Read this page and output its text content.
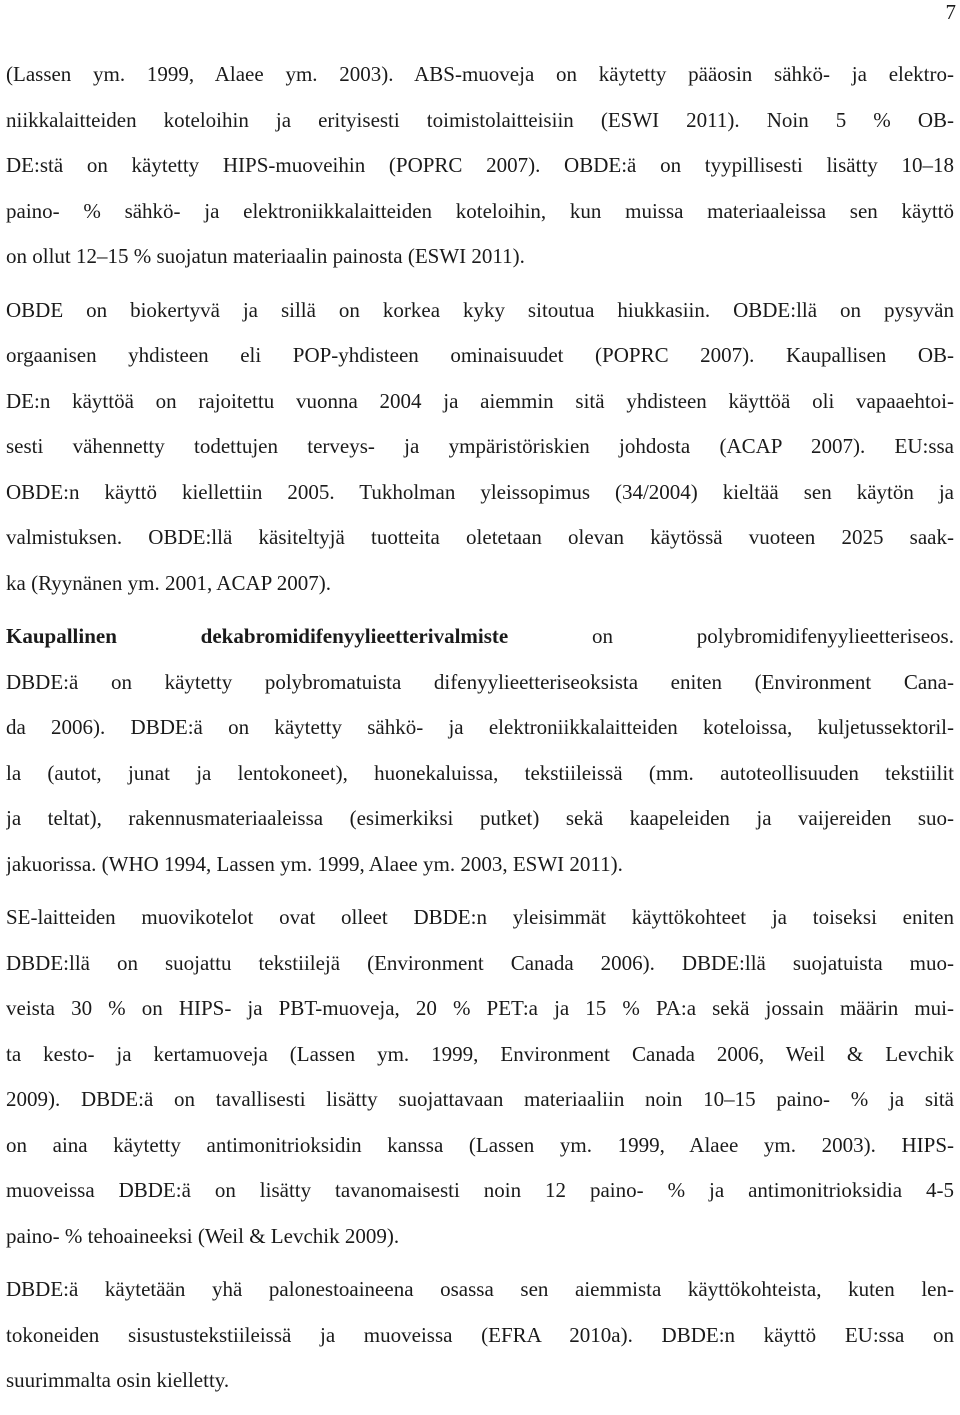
7
(Lassen ym. 1999, Alaee ym. 2003). ABS-muoveja on käytetty pääosin sähkö- ja elektro-
niikkalaitteiden koteloihin ja erityisesti toimistolaitteisiin (ESWI 2011). Noin 5 % OB-
DE:stä on käytetty HIPS-muoveihin (POPRC 2007). OBDE:ä on tyypillisesti lisätty 10–18
paino- % sähkö- ja elektroniikkalaitteiden koteloihin, kun muissa materiaaleissa sen käyttö
on ollut 12–15 % suojatun materiaalin painosta (ESWI 2011).
OBDE on biokertyvä ja sillä on korkea kyky sitoutua hiukkasiin. OBDE:llä on pysyvän
orgaanisen yhdisteen eli POP-yhdisteen ominaisuudet (POPRC 2007). Kaupallisen OB-
DE:n käyttöä on rajoitettu vuonna 2004 ja aiemmin sitä yhdisteen käyttöä oli vapaaehtoi-
sesti vähennetty todettujen terveys- ja ympäristöriskien johdosta (ACAP 2007). EU:ssa
OBDE:n käyttö kiellettiin 2005. Tukholman yleissopimus (34/2004) kieltää sen käytön ja
valmistuksen. OBDE:llä käsiteltyjä tuotteita oletetaan olevan käytössä vuoteen 2025 saak-
ka (Ryynänen ym. 2001, ACAP 2007).
Kaupallinen dekabromidifenyylieetterivalmiste on polybromidifenyylieetteriseos.
DBDE:ä on käytetty polybromatuista difenyylieetteriseoksista eniten (Environment Cana-
da 2006). DBDE:ä on käytetty sähkö- ja elektroniikkalaitteiden koteloissa, kuljetussektoril-
la (autot, junat ja lentokoneet), huonekaluissa, tekstiileissä (mm. autoteollisuuden tekstiilit
ja teltat), rakennusmateriaaleissa (esimerkiksi putket) sekä kaapeleiden ja vaijereiden suo-
jakuorissa. (WHO 1994, Lassen ym. 1999, Alaee ym. 2003, ESWI 2011).
SE-laitteiden muovikotelot ovat olleet DBDE:n yleisimmät käyttökohteet ja toiseksi eniten
DBDE:llä on suojattu tekstiilejä (Environment Canada 2006). DBDE:llä suojatuista muo-
veista 30 % on HIPS- ja PBT-muoveja, 20 % PET:a ja 15 % PA:a sekä jossain määrin mui-
ta kesto- ja kertamuoveja (Lassen ym. 1999, Environment Canada 2006, Weil & Levchik
2009). DBDE:ä on tavallisesti lisätty suojattavaan materiaaliin noin 10–15 paino- % ja sitä
on aina käytetty antimonitrioksidin kanssa (Lassen ym. 1999, Alaee ym. 2003). HIPS-
muoveissa DBDE:ä on lisätty tavanomaisesti noin 12 paino- % ja antimonitrioksidia 4-5
paino- % tehoaineeksi (Weil & Levchik 2009).
DBDE:ä käytetään yhä palonestoaineena osassa sen aiemmista käyttökohteista, kuten len-
tokoneiden sisustustekstiileissä ja muoveissa (EFRA 2010a). DBDE:n käyttö EU:ssa on
suurimmalta osin kielletty.
